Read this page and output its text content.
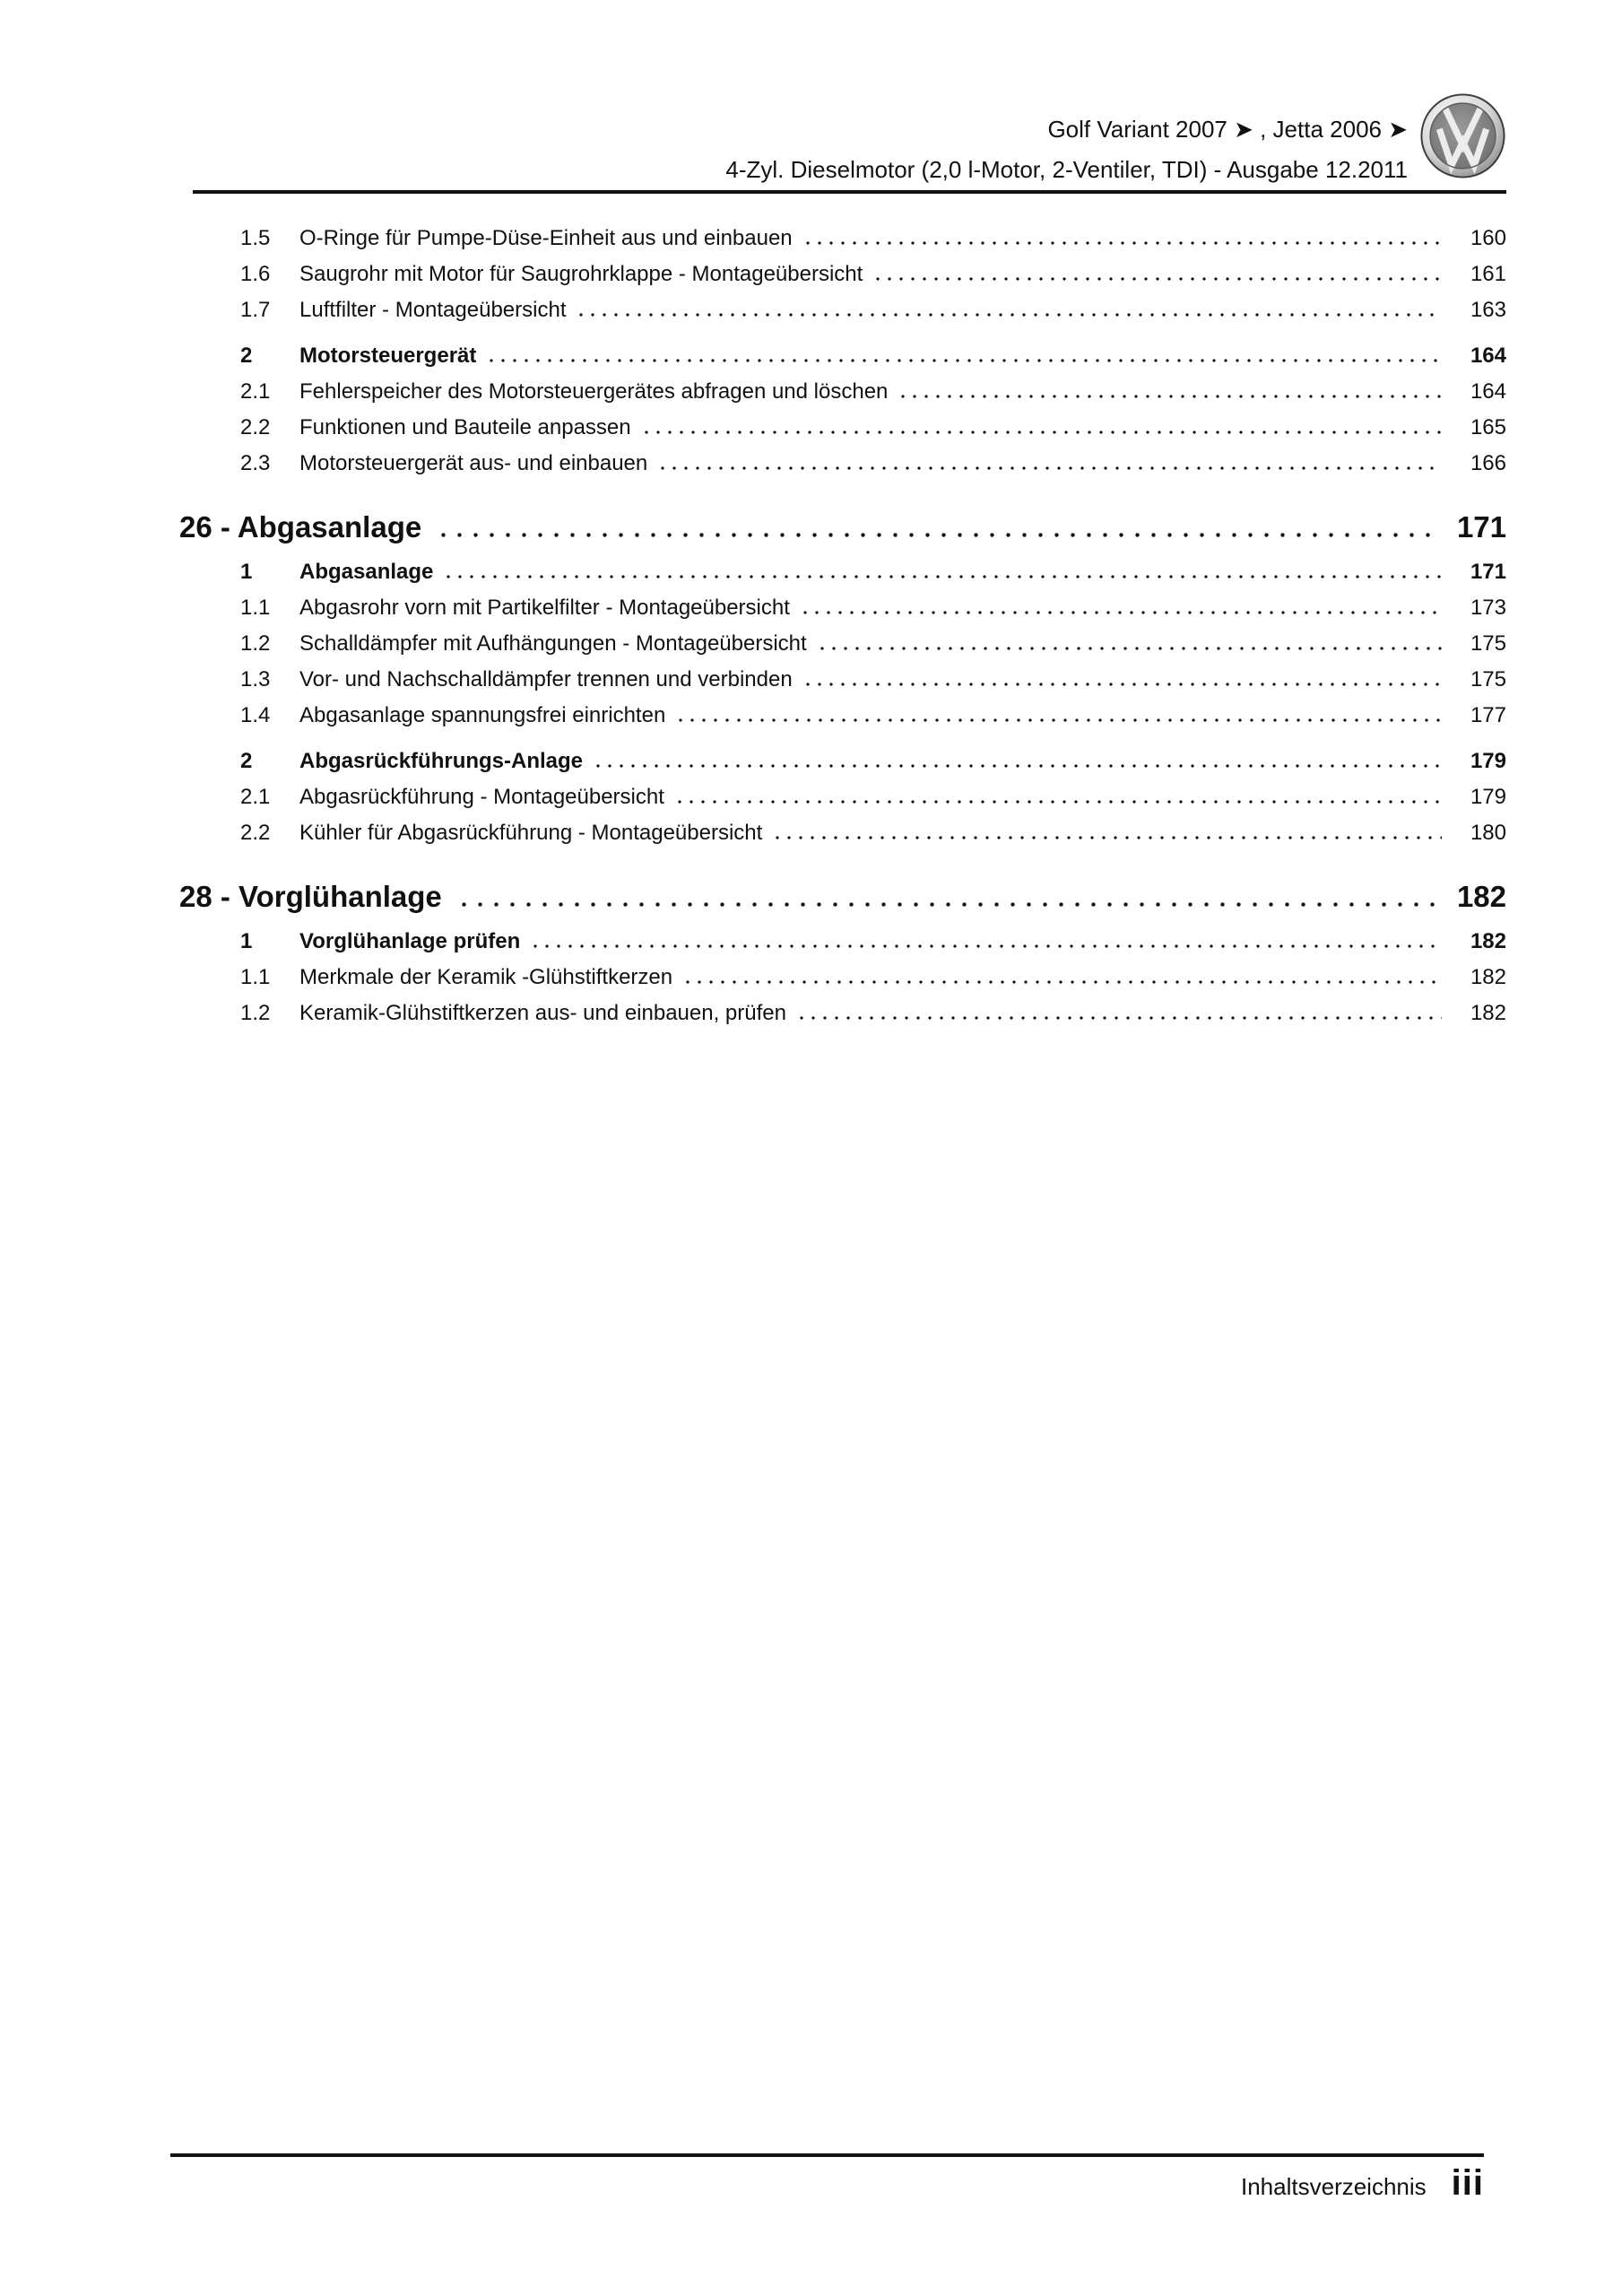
Golf Variant 2007 ➤ , Jetta 2006 ➤
4-Zyl. Dieselmotor (2,0 l-Motor, 2-Ventiler, TDI) - Ausgabe 12.2011
1.5	O-Ringe für Pumpe-Düse-Einheit aus und einbauen	160
1.6	Saugrohr mit Motor für Saugrohrklappe - Montageübersicht	161
1.7	Luftfilter - Montageübersicht	163
2	Motorsteuergerät	164
2.1	Fehlerspeicher des Motorsteuergerätes abfragen und löschen	164
2.2	Funktionen und Bauteile anpassen	165
2.3	Motorsteuergerät aus- und einbauen	166
26 - Abgasanlage	171
1	Abgasanlage	171
1.1	Abgasrohr vorn mit Partikelfilter - Montageübersicht	173
1.2	Schalldämpfer mit Aufhängungen - Montageübersicht	175
1.3	Vor- und Nachschalldämpfer trennen und verbinden	175
1.4	Abgasanlage spannungsfrei einrichten	177
2	Abgasrückführungs-Anlage	179
2.1	Abgasrückführung - Montageübersicht	179
2.2	Kühler für Abgasrückführung - Montageübersicht	180
28 - Vorglühanlage	182
1	Vorglühanlage prüfen	182
1.1	Merkmale der Keramik -Glühstiftkerzen	182
1.2	Keramik-Glühstiftkerzen aus- und einbauen, prüfen	182
Inhaltsverzeichnis iii
